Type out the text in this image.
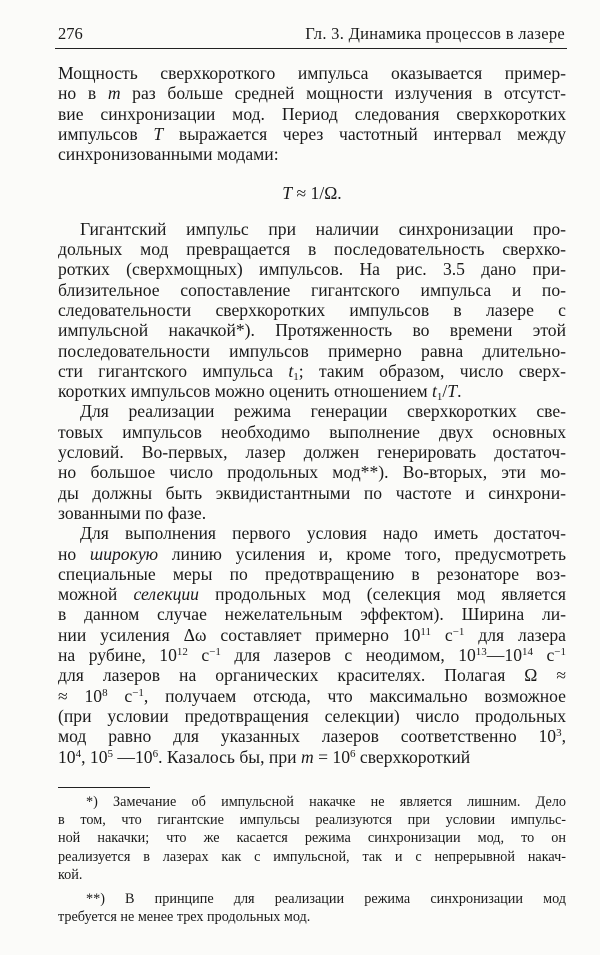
276	Гл. 3. Динамика процессов в лазере
Мощность сверхкороткого импульса оказывается пример-
но в m раз больше средней мощности излучения в отсутст-
вие синхронизации мод. Период следования сверхкоротких
импульсов T выражается через частотный интервал между
синхронизованными модами:
T ≈ 1/Ω.
Гигантский импульс при наличии синхронизации про-
дольных мод превращается в последовательность сверхко-
ротких (сверхмощных) импульсов. На рис. 3.5 дано при-
близительное сопоставление гигантского импульса и по-
следовательности сверхкоротких импульсов в лазере с
импульсной накачкой*). Протяженность во времени этой
последовательности импульсов примерно равна длительно-
сти гигантского импульса $t_1$; таким образом, число сверх-
коротких импульсов можно оценить отношением $t_1/T$.
Для реализации режима генерации сверхкоротких све-
товых импульсов необходимо выполнение двух основных
условий. Во-первых, лазер должен генерировать достаточ-
но большое число продольных мод**). Во-вторых, эти мо-
ды должны быть эквидистантными по частоте и синхрони-
зованными по фазе.
Для выполнения первого условия надо иметь достаточ-
но широкую линию усиления и, кроме того, предусмотреть
специальные меры по предотвращению в резонаторе воз-
можной селекции продольных мод (селекция мод является
в данном случае нежелательным эффектом). Ширина ли-
нии усиления Δω составляет примерно $10^{11}$ $с^{-1}$ для лазера
на рубине, $10^{12}$ $с^{-1}$ для лазеров с неодимом, $10^{13}—10^{14}$ $с^{-1}$
для лазеров на органических красителях. Полагая Ω ≈
≈ $10^8$ $с^{-1}$, получаем отсюда, что максимально возможное
(при условии предотвращения селекции) число продольных
мод равно для указанных лазеров соответственно $10^3$,
$10^4$, $10^5$ $—10^6$. Казалось бы, при $m = 10^6$ сверхкороткий
*) Замечание об импульсной накачке не является лишним. Дело
в том, что гигантские импульсы реализуются при условии импульс-
ной накачки; что же касается режима синхронизации мод, то он
реализуется в лазерах как с импульсной, так и с непрерывной накач-
кой.
**) В принципе для реализации режима синхронизации мод
требуется не менее трех продольных мод.
